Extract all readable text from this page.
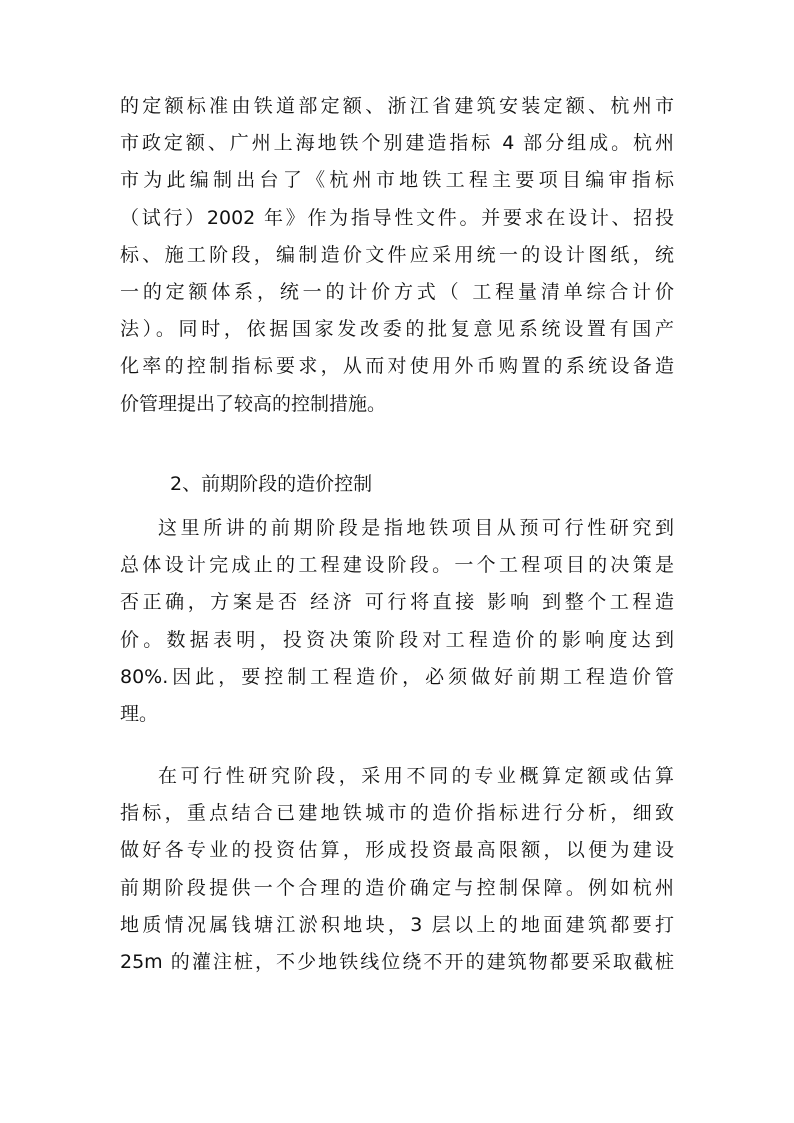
的定额标准由铁道部定额、浙江省建筑安装定额、杭州市
市政定额、广州上海地铁个别建造指标 4 部分组成。杭州
市为此编制出台了《杭州市地铁工程主要项目编审指标
（试行）2002 年》作为指导性文件。并要求在设计、招投
标、施工阶段，编制造价文件应采用统一的设计图纸，统
一的定额体系，统一的计价方式（ 工程量清单综合计价
法）。同时，依据国家发改委的批复意见系统设置有国产
化率的控制指标要求，从而对使用外币购置的系统设备造
价管理提出了较高的控制措施。
2、前期阶段的造价控制
这里所讲的前期阶段是指地铁项目从预可行性研究到
总体设计完成止的工程建设阶段。一个工程项目的决策是
否正确，方案是否 经济 可行将直接 影响 到整个工程造
价。数据表明，投资决策阶段对工程造价的影响度达到
80%.因此，要控制工程造价，必须做好前期工程造价管
理。
在可行性研究阶段，采用不同的专业概算定额或估算
指标，重点结合已建地铁城市的造价指标进行分析，细致
做好各专业的投资估算，形成投资最高限额，以便为建设
前期阶段提供一个合理的造价确定与控制保障。例如杭州
地质情况属钱塘江淤积地块，3 层以上的地面建筑都要打
25m 的灌注桩，不少地铁线位绕不开的建筑物都要采取截桩
